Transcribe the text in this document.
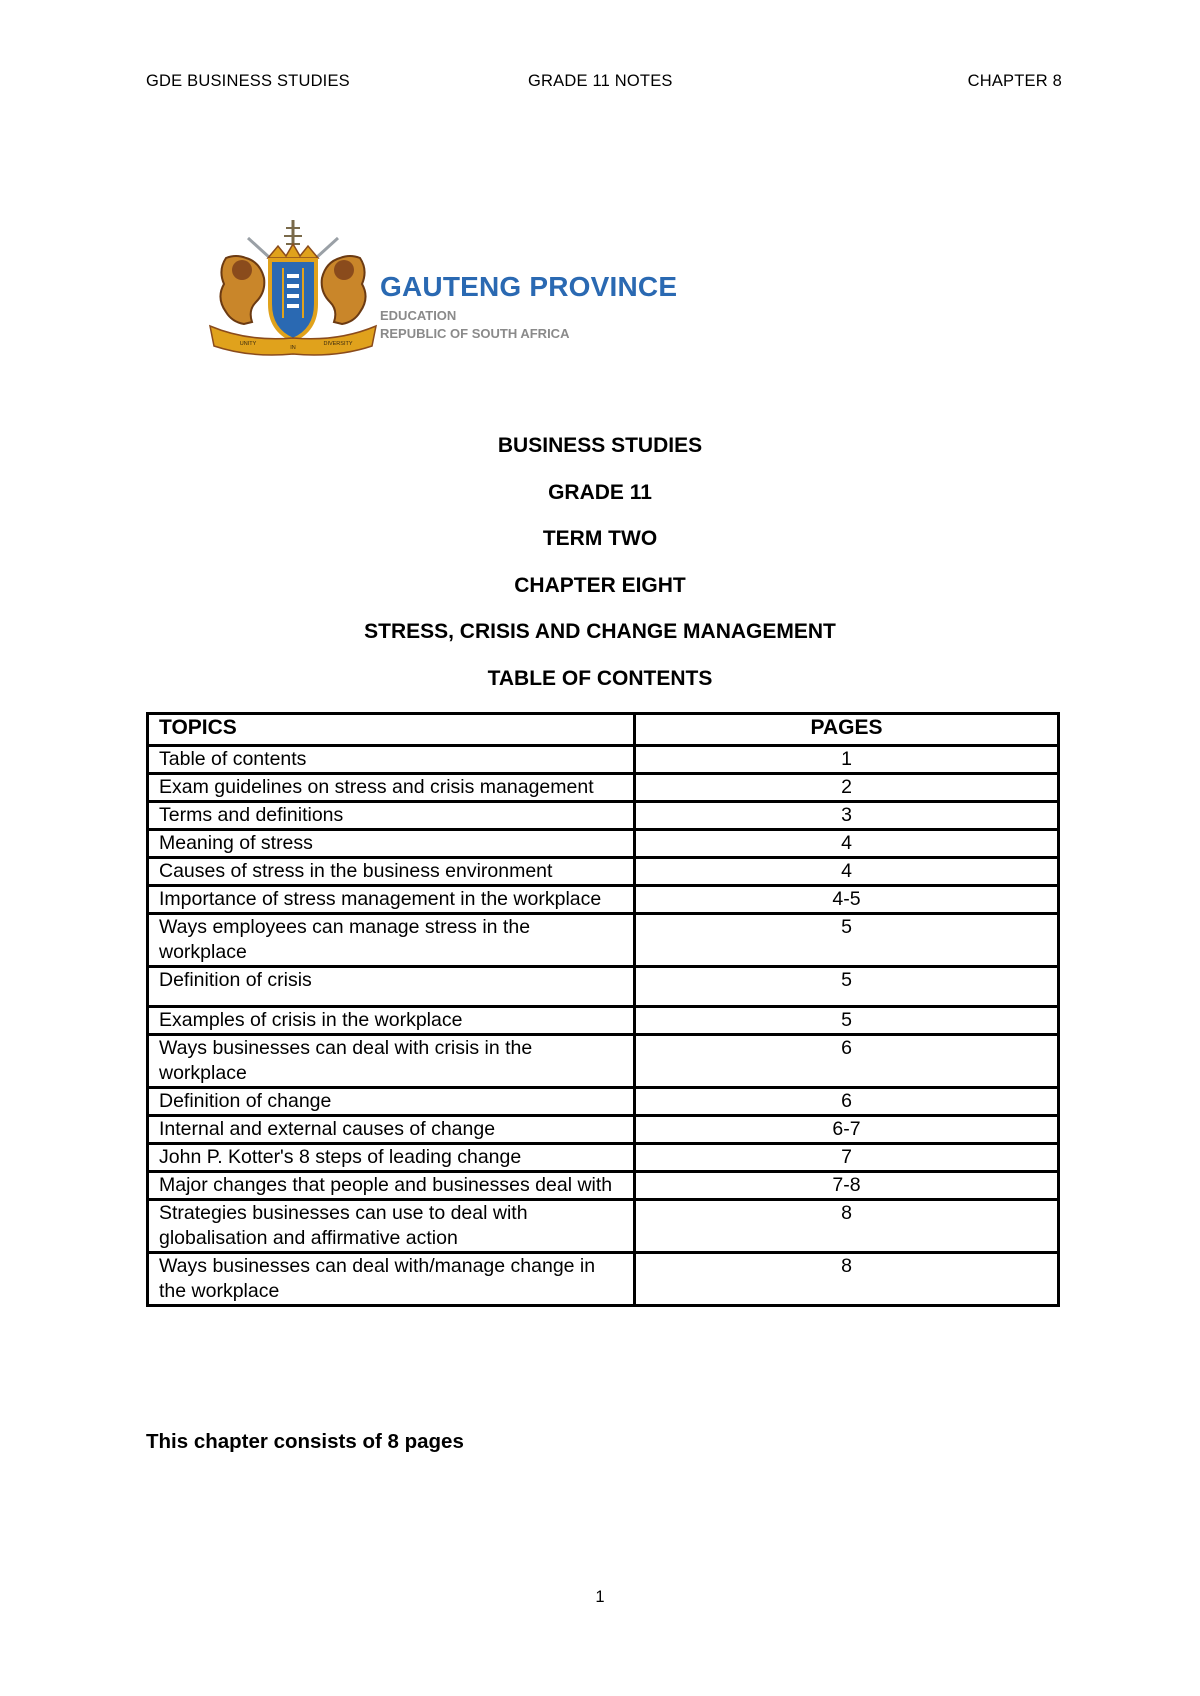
GDE BUSINESS STUDIES	GRADE 11 NOTES	CHAPTER 8
UNITY
IN
DIVERSITY
GAUTENG PROVINCE
EDUCATION
REPUBLIC OF SOUTH AFRICA
BUSINESS STUDIES
GRADE 11
TERM TWO
CHAPTER EIGHT
STRESS, CRISIS AND CHANGE MANAGEMENT
TABLE OF CONTENTS
TOPICS	PAGES
Table of contents	1
Exam guidelines on stress and crisis management	2
Terms and definitions	3
Meaning of stress	4
Causes of stress in the business environment	4
Importance of stress management in the workplace	4-5
Ways employees can manage stress in the workplace	5
Definition of crisis	5
Examples of crisis in the workplace	5
Ways businesses can deal with crisis in the workplace	6
Definition of change	6
Internal and external causes of change	6-7
John P. Kotter's 8 steps of leading change	7
Major changes that people and businesses deal with	7-8
Strategies businesses can use to deal with globalisation and affirmative action	8
Ways businesses can deal with/manage change in the workplace	8
This chapter consists of 8 pages
1
